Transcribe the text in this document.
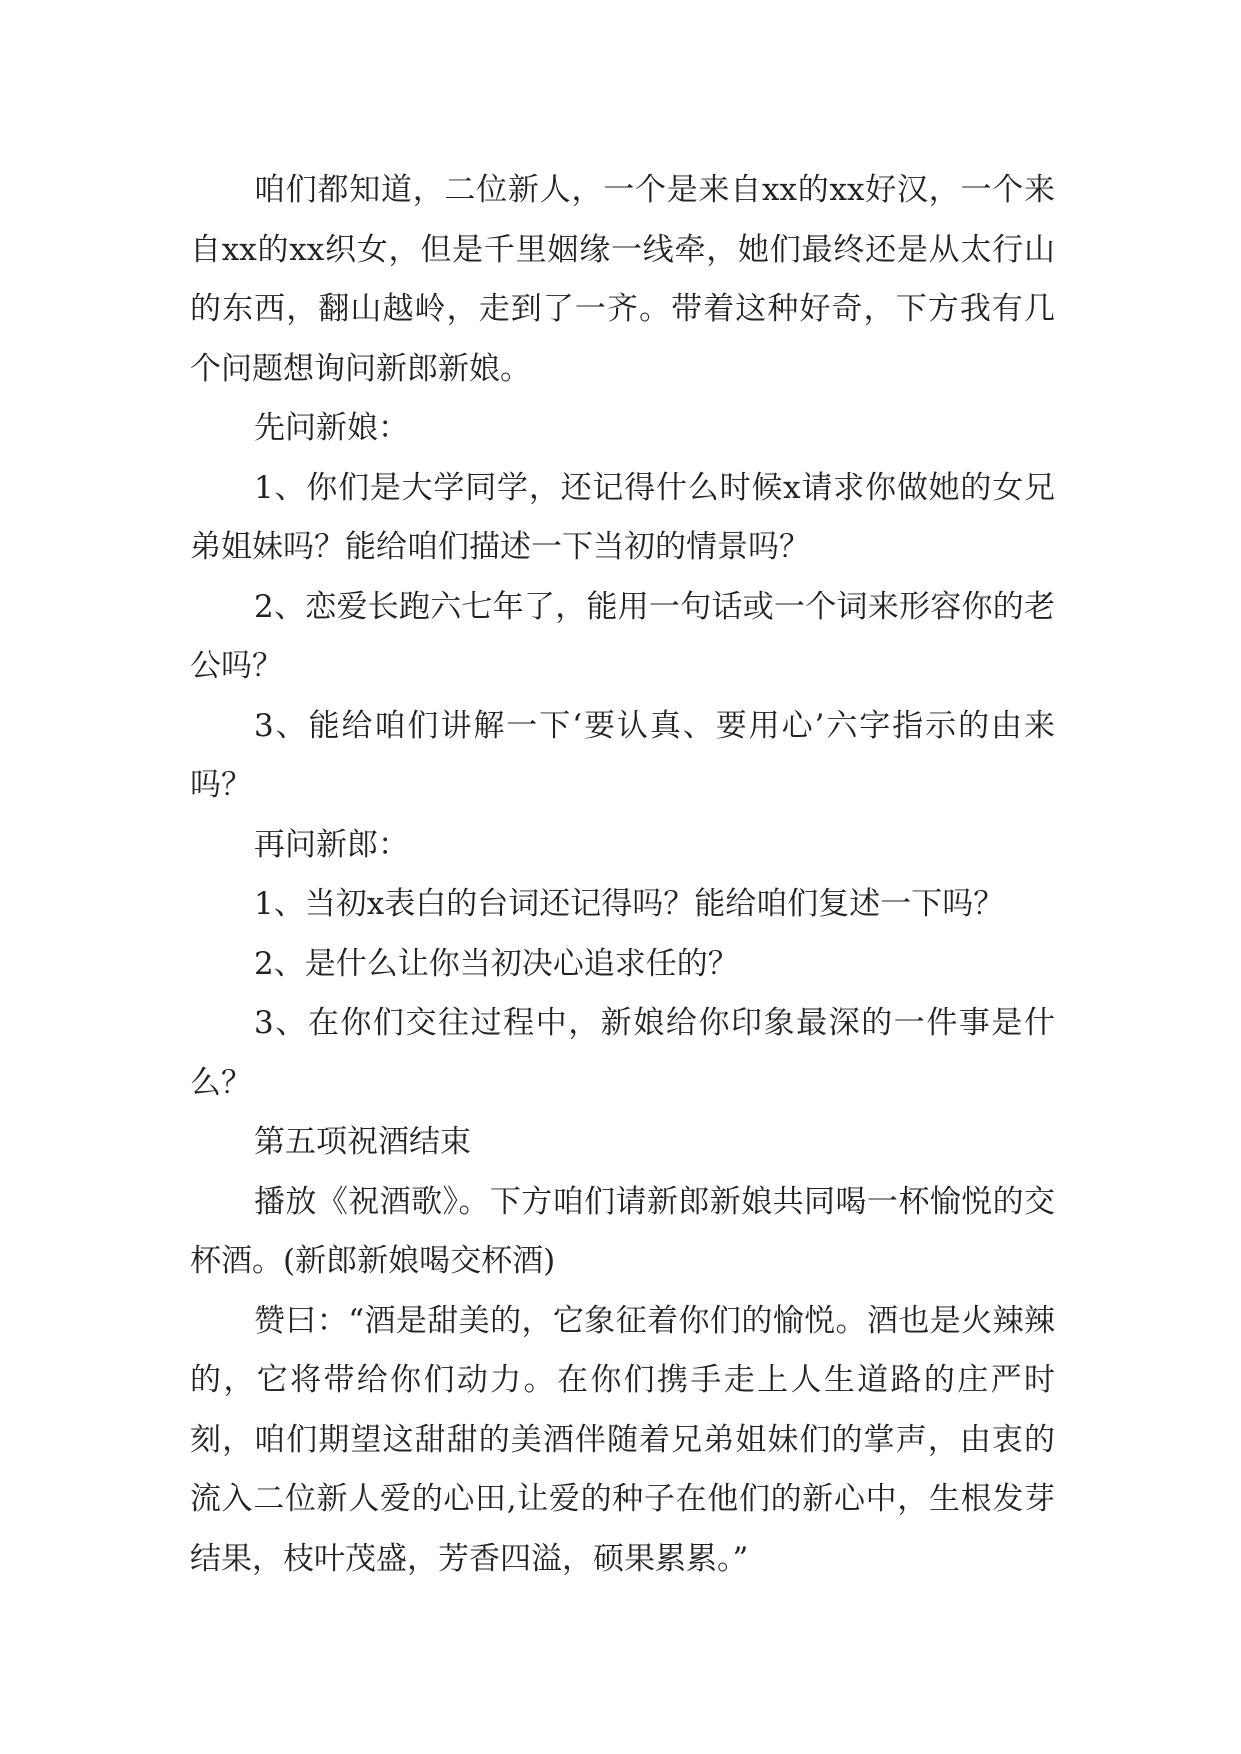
咱们都知道，二位新人，一个是来自xx的xx好汉，一个来自xx的xx织女，但是千里姻缘一线牵，她们最终还是从太行山的东西，翻山越岭，走到了一齐。带着这种好奇，下方我有几个问题想询问新郎新娘。

先问新娘：

1、你们是大学同学，还记得什么时候x请求你做她的女兄弟姐妹吗？能给咱们描述一下当初的情景吗？

2、恋爱长跑六七年了，能用一句话或一个词来形容你的老公吗？

3、能给咱们讲解一下‘要认真、要用心’六字指示的由来吗？

再问新郎：

1、当初x表白的台词还记得吗？能给咱们复述一下吗？

2、是什么让你当初决心追求任的？

3、在你们交往过程中，新娘给你印象最深的一件事是什么？

第五项祝酒结束

播放《祝酒歌》。下方咱们请新郎新娘共同喝一杯愉悦的交杯酒。(新郎新娘喝交杯酒)

赞曰：“酒是甜美的，它象征着你们的愉悦。酒也是火辣辣的，它将带给你们动力。在你们携手走上人生道路的庄严时刻，咱们期望这甜甜的美酒伴随着兄弟姐妹们的掌声，由衷的流入二位新人爱的心田,让爱的种子在他们的新心中，生根发芽结果，枝叶茂盛，芳香四溢，硕果累累。”
